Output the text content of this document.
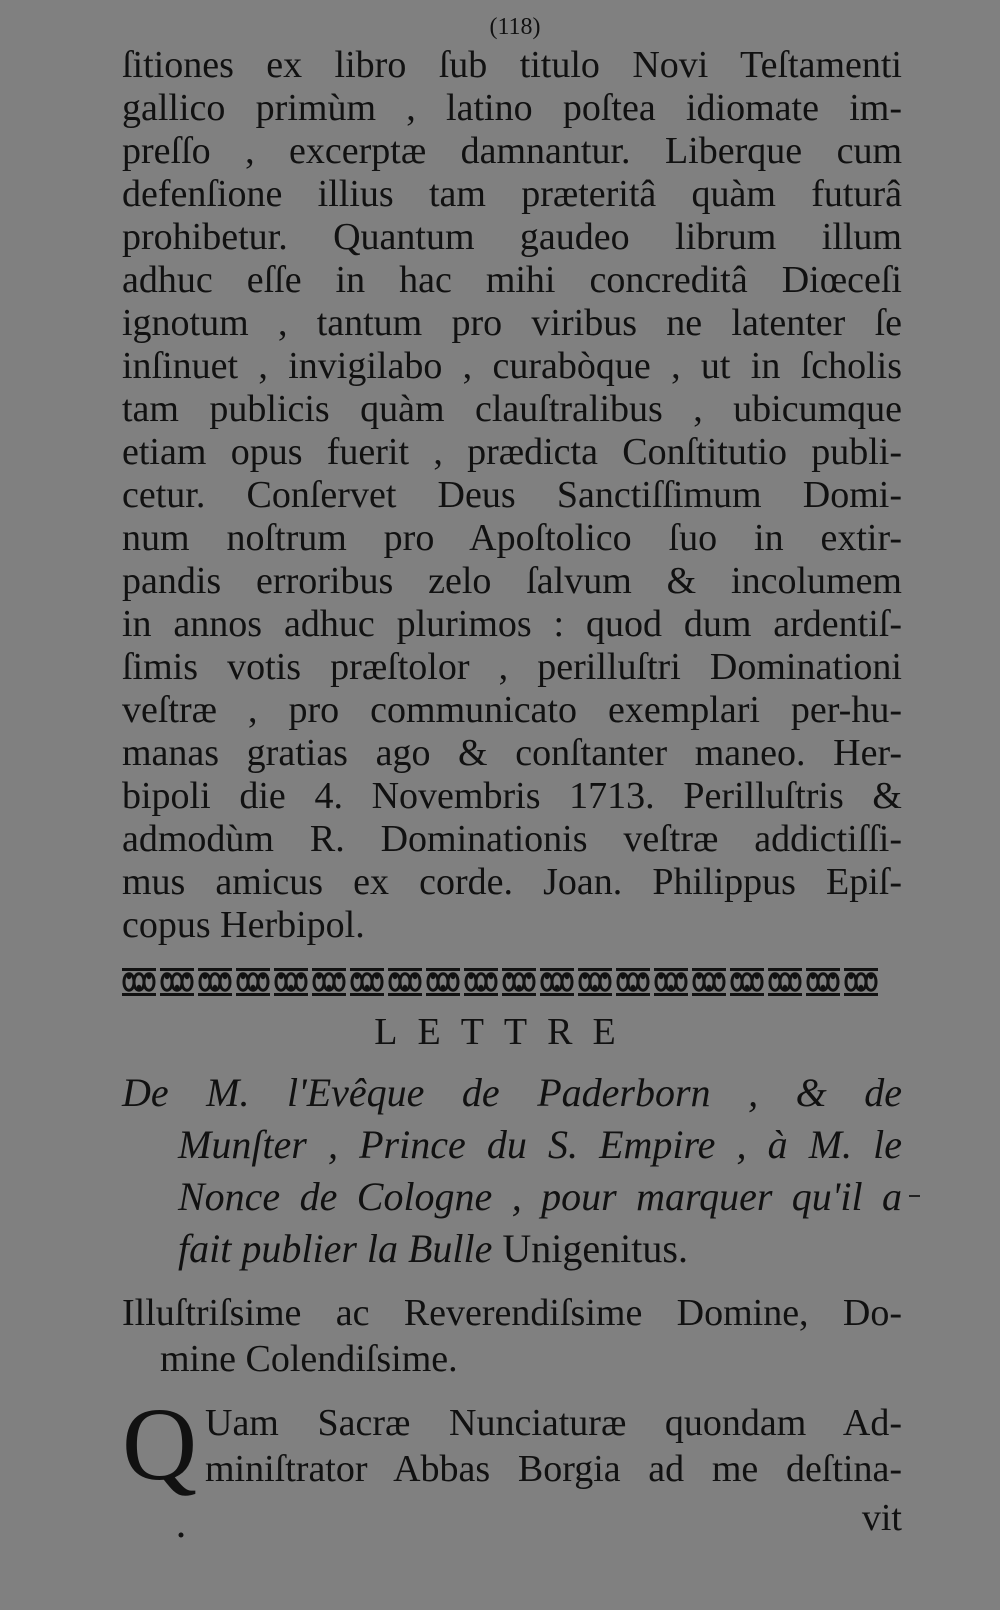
(118)
ſitiones ex libro ſub titulo Novi Teſtamenti
gallico primùm , latino poſtea idiomate im-
preſſo , excerptæ damnantur. Liberque cum
defenſione illius tam præteritâ quàm futurâ
prohibetur. Quantum gaudeo librum illum
adhuc eſſe in hac mihi concreditâ Diœceſi
ignotum , tantum pro viribus ne latenter ſe
inſinuet , invigilabo , curabòque , ut in ſcholis
tam publicis quàm clauſtralibus , ubicumque
etiam opus fuerit , prædicta Conſtitutio publi-
cetur. Conſervet Deus Sanctiſſimum Domi-
num noſtrum pro Apoſtolico ſuo in extir-
pandis erroribus zelo ſalvum & incolumem
in annos adhuc plurimos : quod dum ardentiſ-
ſimis votis præſtolor , perilluſtri Dominationi
veſtræ , pro communicato exemplari per-hu-
manas gratias ago & conſtanter maneo. Her-
bipoli die 4. Novembris 1713. Perilluſtris &
admodùm R. Dominationis veſtræ addictiſſi-
mus amicus ex corde. Joan. Philippus Epiſ-
copus Herbipol.
LETTRE
De M. l'Evêque de Paderborn , & de
Munſter , Prince du S. Empire , à M. le
Nonce de Cologne , pour marquer qu'il a
fait publier la Bulle Unigenitus.
Illuſtriſsime ac Reverendiſsime Domine, Do-
mine Colendiſsime.
Q Uam Sacræ Nunciaturæ quondam Ad-
miniſtrator Abbas Borgia ad me deſtina-
vit
